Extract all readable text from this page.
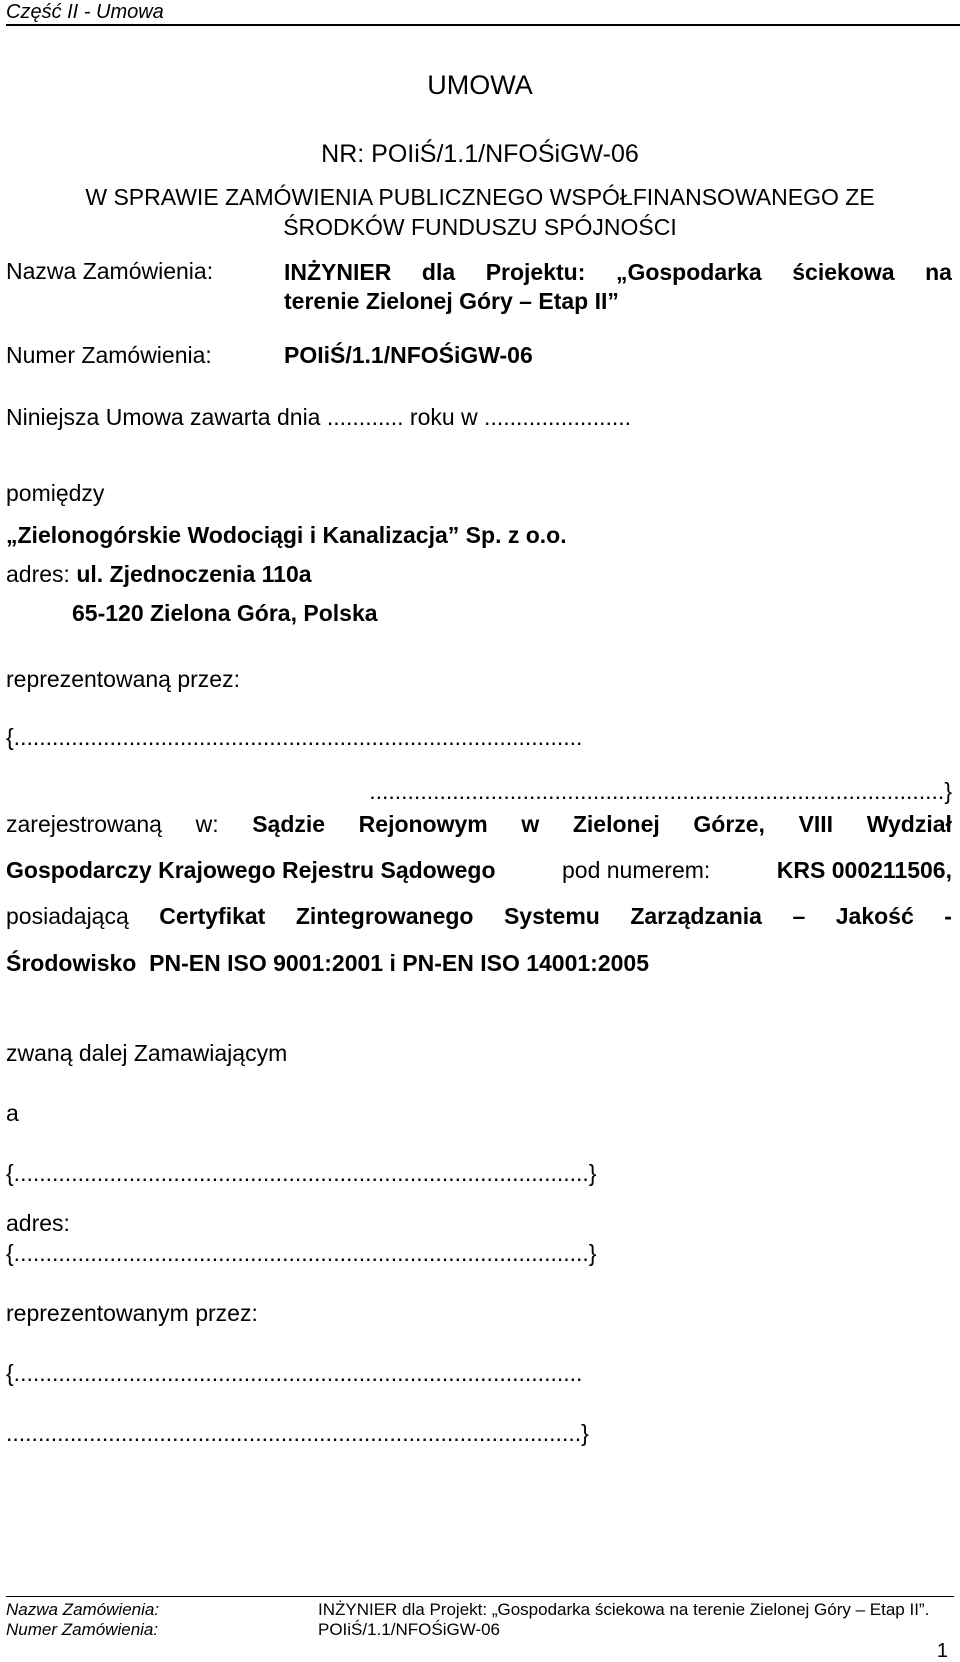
Część II - Umowa
UMOWA
NR: POIiŚ/1.1/NFOŚiGW-06
W SPRAWIE ZAMÓWIENIA PUBLICZNEGO WSPÓŁFINANSOWANEGO ZE
ŚRODKÓW FUNDUSZU SPÓJNOŚCI
Nazwa Zamówienia:	INŻYNIER dla Projektu: „Gospodarka ściekowa na
terenie Zielonej Góry – Etap II”
Numer Zamówienia:	POIiŚ/1.1/NFOŚiGW-06
Niniejsza Umowa zawarta dnia ............ roku w .......................
pomiędzy
„Zielonogórskie Wodociągi i Kanalizacja” Sp. z o.o.
adres: ul. Zjednoczenia 110a
65-120 Zielona Góra, Polska
reprezentowaną przez:
{.........................................................................................
..........................................................................................}
zarejestrowaną w: Sądzie Rejonowym w Zielonej Górze, VIII Wydział
Gospodarczy Krajowego Rejestru Sądowego	pod numerem:	KRS 000211506,
posiadającą Certyfikat Zintegrowanego Systemu Zarządzania – Jakość -
Środowisko  PN-EN ISO 9001:2001 i PN-EN ISO 14001:2005
zwaną dalej Zamawiającym
a
{..........................................................................................}
adres:
{..........................................................................................}
reprezentowanym przez:
{.........................................................................................
..........................................................................................}
Nazwa Zamówienia:	INŻYNIER dla Projekt: „Gospodarka ściekowa na terenie Zielonej Góry – Etap II”.
Numer Zamówienia:	POIiŚ/1.1/NFOŚiGW-06
1
